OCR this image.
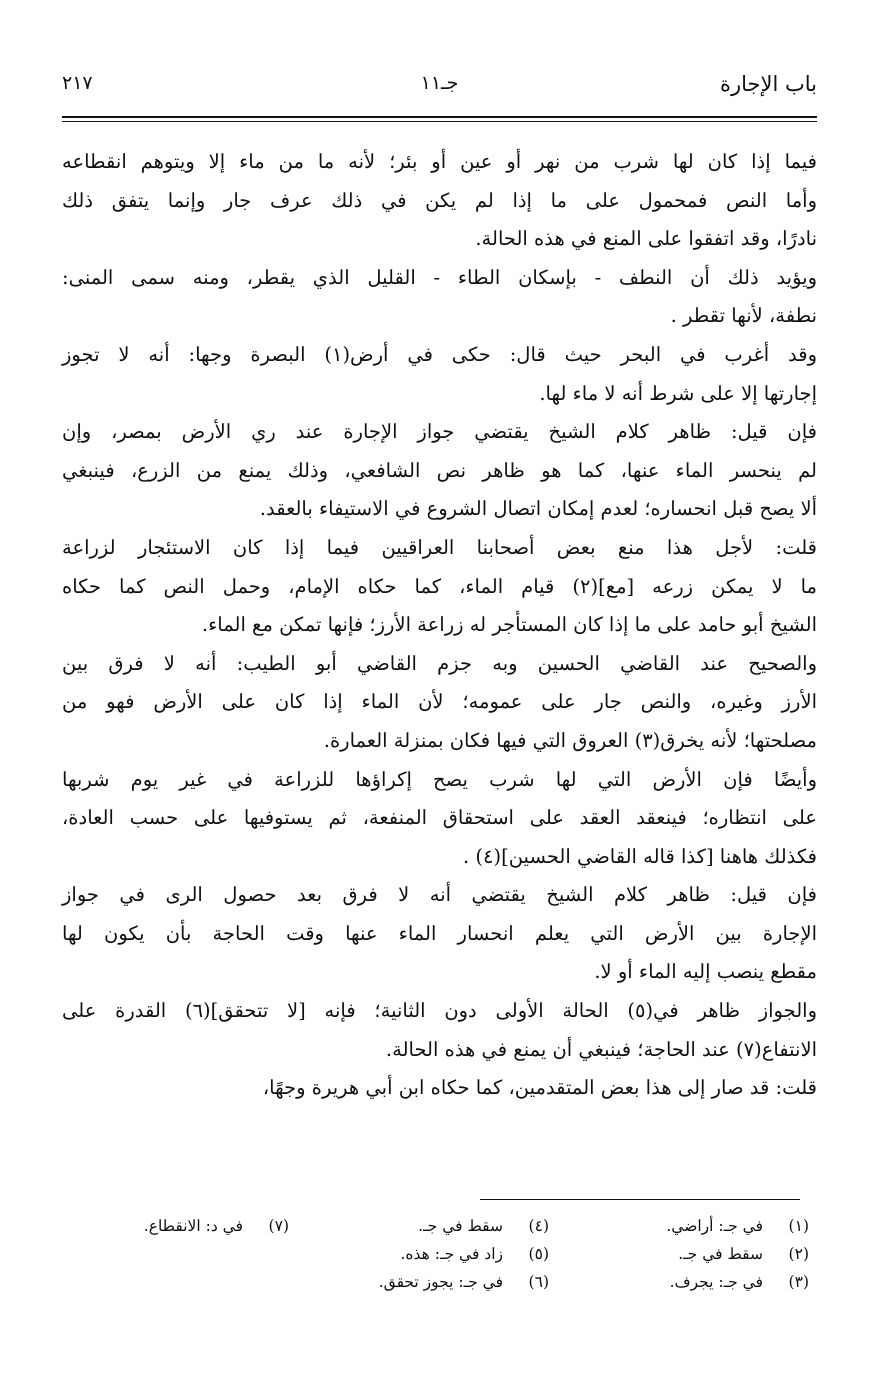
باب الإجارة
جـ۱۱
٢١٧
فيما إذا كان لها شرب من نهر أو عين أو بئر؛ لأنه ما من ماء إلا ويتوهم انقطاعه
وأما النص فمحمول على ما إذا لم يكن في ذلك عرف جار وإنما يتفق ذلك
نادرًا، وقد اتفقوا على المنع في هذه الحالة.
ويؤيد ذلك أن النطف - بإسكان الطاء - القليل الذي يقطر، ومنه سمى المنى:
نطفة، لأنها تقطر .
وقد أغرب في البحر حيث قال: حكى في أرض(١) البصرة وجها: أنه لا تجوز
إجارتها إلا على شرط أنه لا ماء لها.
فإن قيل: ظاهر كلام الشيخ يقتضي جواز الإجارة عند ري الأرض بمصر، وإن
لم ينحسر الماء عنها، كما هو ظاهر نص الشافعي، وذلك يمنع من الزرع، فينبغي
ألا يصح قبل انحساره؛ لعدم إمكان اتصال الشروع في الاستيفاء بالعقد.
قلت: لأجل هذا منع بعض أصحابنا العراقيين فيما إذا كان الاستئجار لزراعة
ما لا يمكن زرعه [مع](٢) قيام الماء، كما حكاه الإمام، وحمل النص كما حكاه
الشيخ أبو حامد على ما إذا كان المستأجر له زراعة الأرز؛ فإنها تمكن مع الماء.
والصحيح عند القاضي الحسين وبه جزم القاضي أبو الطيب: أنه لا فرق بين
الأرز وغيره، والنص جار على عمومه؛ لأن الماء إذا كان على الأرض فهو من
مصلحتها؛ لأنه يخرق(٣) العروق التي فيها فكان بمنزلة العمارة.
وأيضًا فإن الأرض التي لها شرب يصح إكراؤها للزراعة في غير يوم شربها
على انتظاره؛ فينعقد العقد على استحقاق المنفعة، ثم يستوفيها على حسب العادة،
فكذلك هاهنا [كذا قاله القاضي الحسين](٤) .
فإن قيل: ظاهر كلام الشيخ يقتضي أنه لا فرق بعد حصول الرى في جواز
الإجارة بين الأرض التي يعلم انحسار الماء عنها وقت الحاجة بأن يكون لها
مقطع ينصب إليه الماء أو لا.
والجواز ظاهر في(٥) الحالة الأولى دون الثانية؛ فإنه [لا تتحقق](٦) القدرة على
الانتفاع(٧) عند الحاجة؛ فينبغي أن يمنع في هذه الحالة.
قلت: قد صار إلى هذا بعض المتقدمين، كما حكاه ابن أبي هريرة وجهًا،
(١)في جـ: أراضي.
(٢)سقط في جـ.
(٣)في جـ: يجرف.
(٤)سقط في جـ.
(٥)زاد في جـ: هذه.
(٦)في جـ: يجوز تحقق.
(٧)في د: الانقطاع.
